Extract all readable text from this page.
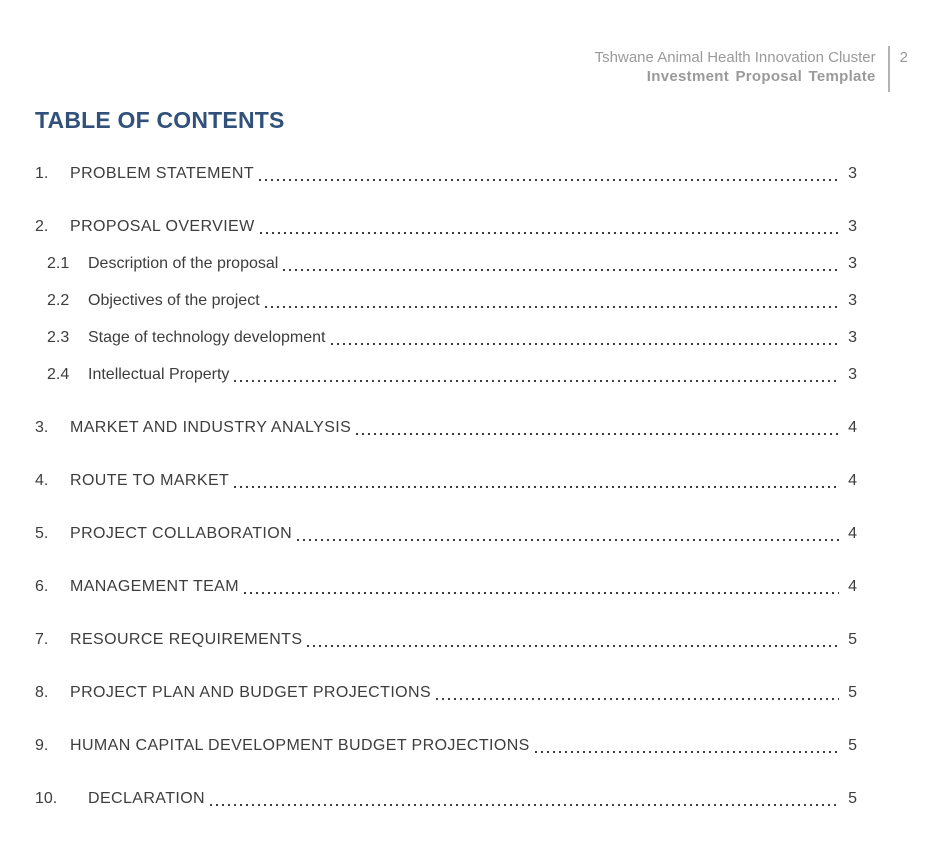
Tshwane Animal Health Innovation Cluster
Investment Proposal Template
2
TABLE OF CONTENTS
1.	PROBLEM STATEMENT	3
2.	PROPOSAL OVERVIEW	3
2.1	Description of the proposal	3
2.2	Objectives of the project	3
2.3	Stage of technology development	3
2.4	Intellectual Property	3
3.	MARKET AND INDUSTRY ANALYSIS	4
4.	ROUTE TO MARKET	4
5.	PROJECT COLLABORATION	4
6.	MANAGEMENT TEAM	4
7.	RESOURCE REQUIREMENTS	5
8.	PROJECT PLAN AND BUDGET PROJECTIONS	5
9.	HUMAN CAPITAL DEVELOPMENT BUDGET PROJECTIONS	5
10.	DECLARATION	5
